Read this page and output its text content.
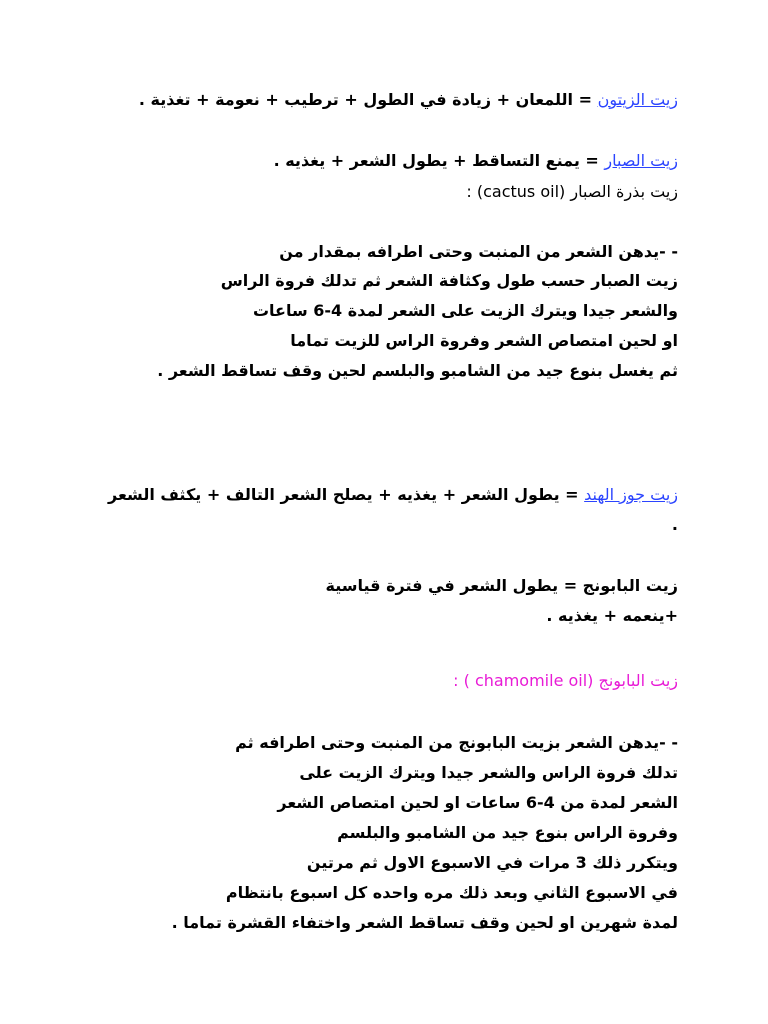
زيت الزيتون = اللمعان + زيادة في الطول + ترطيب + نعومة + تغذية .
زيت الصبار = يمنع التساقط + يطول الشعر + يغذيه .
زيت بذرة الصبار (cactus oil) :
- -يدهن الشعر من المنبت وحتى اطرافه بمقدار من
زيت الصبار حسب طول وكثافة الشعر ثم تدلك فروة الراس
والشعر جيدا ويترك الزيت على الشعر لمدة 4-6 ساعات
او لحين امتصاص الشعر وفروة الراس للزيت تماما
ثم يغسل بنوع جيد من الشامبو والبلسم لحين وقف تساقط الشعر .
زيت جوز الهند = يطول الشعر + يغذيه + يصلح الشعر التالف + يكثف الشعر
.
زيت البابونج = يطول الشعر في فترة قياسية
+ينعمه + يغذيه .
زيت البابونج (chamomile oil ) :
- -يدهن الشعر بزيت البابونج من المنبت وحتى اطرافه ثم
تدلك فروة الراس والشعر جيدا ويترك الزيت على
الشعر لمدة من 4-6 ساعات او لحين امتصاص الشعر
وفروة الراس بنوع جيد من الشامبو والبلسم
ويتكرر ذلك 3 مرات في الاسبوع الاول ثم مرتين
في الاسبوع الثاني وبعد ذلك مره واحده كل اسبوع بانتظام
لمدة شهرين او لحين وقف تساقط الشعر واختفاء القشرة تماما .
